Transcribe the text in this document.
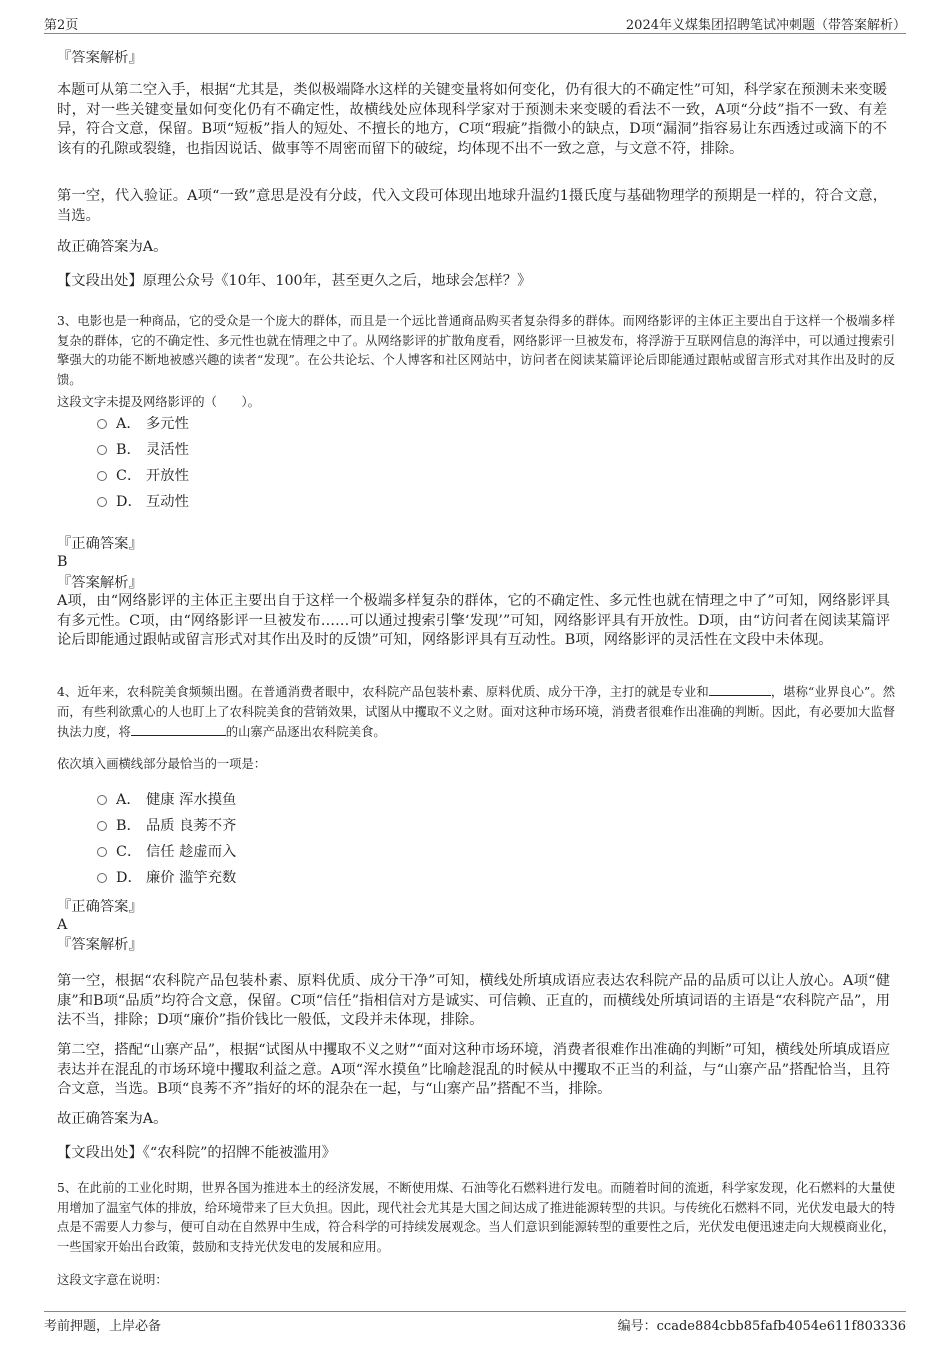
第2页	2024年义煤集团招聘笔试冲刺题（带答案解析）
『答案解析』
本题可从第二空入手，根据“尤其是，类似极端降水这样的关键变量将如何变化，仍有很大的不确定性”可知，科学家在预测未来变暖时，对一些关键变量如何变化仍有不确定性，故横线处应体现科学家对于预测未来变暖的看法不一致，A项“分歧”指不一致、有差异，符合文意，保留。B项“短板”指人的短处、不擅长的地方，C项“瑕疵”指微小的缺点，D项“漏洞”指容易让东西透过或滴下的不该有的孔隙或裂缝，也指因说话、做事等不周密而留下的破绽，均体现不出不一致之意，与文意不符，排除。
第一空，代入验证。A项“一致”意思是没有分歧，代入文段可体现出地球升温约1摄氏度与基础物理学的预期是一样的，符合文意，当选。
故正确答案为A。
【文段出处】原理公众号《10年、100年，甚至更久之后，地球会怎样？》
3、电影也是一种商品，它的受众是一个庞大的群体，而且是一个远比普通商品购买者复杂得多的群体。而网络影评的主体正主要出自于这样一个极端多样复杂的群体，它的不确定性、多元性也就在情理之中了。从网络影评的扩散角度看，网络影评一旦被发布，将浮游于互联网信息的海洋中，可以通过搜索引擎强大的功能不断地被感兴趣的读者“发现”。在公共论坛、个人博客和社区网站中，访问者在阅读某篇评论后即能通过跟帖或留言形式对其作出及时的反馈。
这段文字未提及网络影评的（　　）。
A． 多元性
B． 灵活性
C． 开放性
D． 互动性
『正确答案』
B
『答案解析』
A项，由“网络影评的主体正主要出自于这样一个极端多样复杂的群体，它的不确定性、多元性也就在情理之中了”可知，网络影评具有多元性。C项，由“网络影评一旦被发布……可以通过搜索引擎‘发现’”可知，网络影评具有开放性。D项，由“访问者在阅读某篇评论后即能通过跟帖或留言形式对其作出及时的反馈”可知，网络影评具有互动性。B项，网络影评的灵活性在文段中未体现。
4、近年来，农科院美食频频出圈。在普通消费者眼中，农科院产品包装朴素、原料优质、成分干净，主打的就是专业和	，堪称“业界良心”。然而，有些利欲熏心的人也盯上了农科院美食的营销效果，试图从中攫取不义之财。面对这种市场环境，消费者很难作出准确的判断。因此，有必要加大监督执法力度，将	的山寨产品逐出农科院美食。
依次填入画横线部分最恰当的一项是：
A． 健康 浑水摸鱼
B． 品质 良莠不齐
C． 信任 趁虚而入
D． 廉价 滥竽充数
『正确答案』
A
『答案解析』
第一空，根据“农科院产品包装朴素、原料优质、成分干净”可知，横线处所填成语应表达农科院产品的品质可以让人放心。A项“健康”和B项“品质”均符合文意，保留。C项“信任”指相信对方是诚实、可信赖、正直的，而横线处所填词语的主语是“农科院产品”，用法不当，排除；D项“廉价”指价钱比一般低，文段并未体现，排除。
第二空，搭配“山寨产品”，根据“试图从中攫取不义之财”“面对这种市场环境，消费者很难作出准确的判断”可知，横线处所填成语应表达并在混乱的市场环境中攫取利益之意。A项“浑水摸鱼”比喻趁混乱的时候从中攫取不正当的利益，与“山寨产品”搭配恰当，且符合文意，当选。B项“良莠不齐”指好的坏的混杂在一起，与“山寨产品”搭配不当，排除。
故正确答案为A。
【文段出处】《“农科院”的招牌不能被滥用》
5、在此前的工业化时期，世界各国为推进本土的经济发展，不断使用煤、石油等化石燃料进行发电。而随着时间的流逝，科学家发现，化石燃料的大量使用增加了温室气体的排放，给环境带来了巨大负担。因此，现代社会尤其是大国之间达成了推进能源转型的共识。与传统化石燃料不同，光伏发电最大的特点是不需要人力参与，便可自动在自然界中生成，符合科学的可持续发展观念。当人们意识到能源转型的重要性之后，光伏发电便迅速走向大规模商业化，一些国家开始出台政策，鼓励和支持光伏发电的发展和应用。
这段文字意在说明：
考前押题，上岸必备	编号：ccade884cbb85fafb4054e611f803336
